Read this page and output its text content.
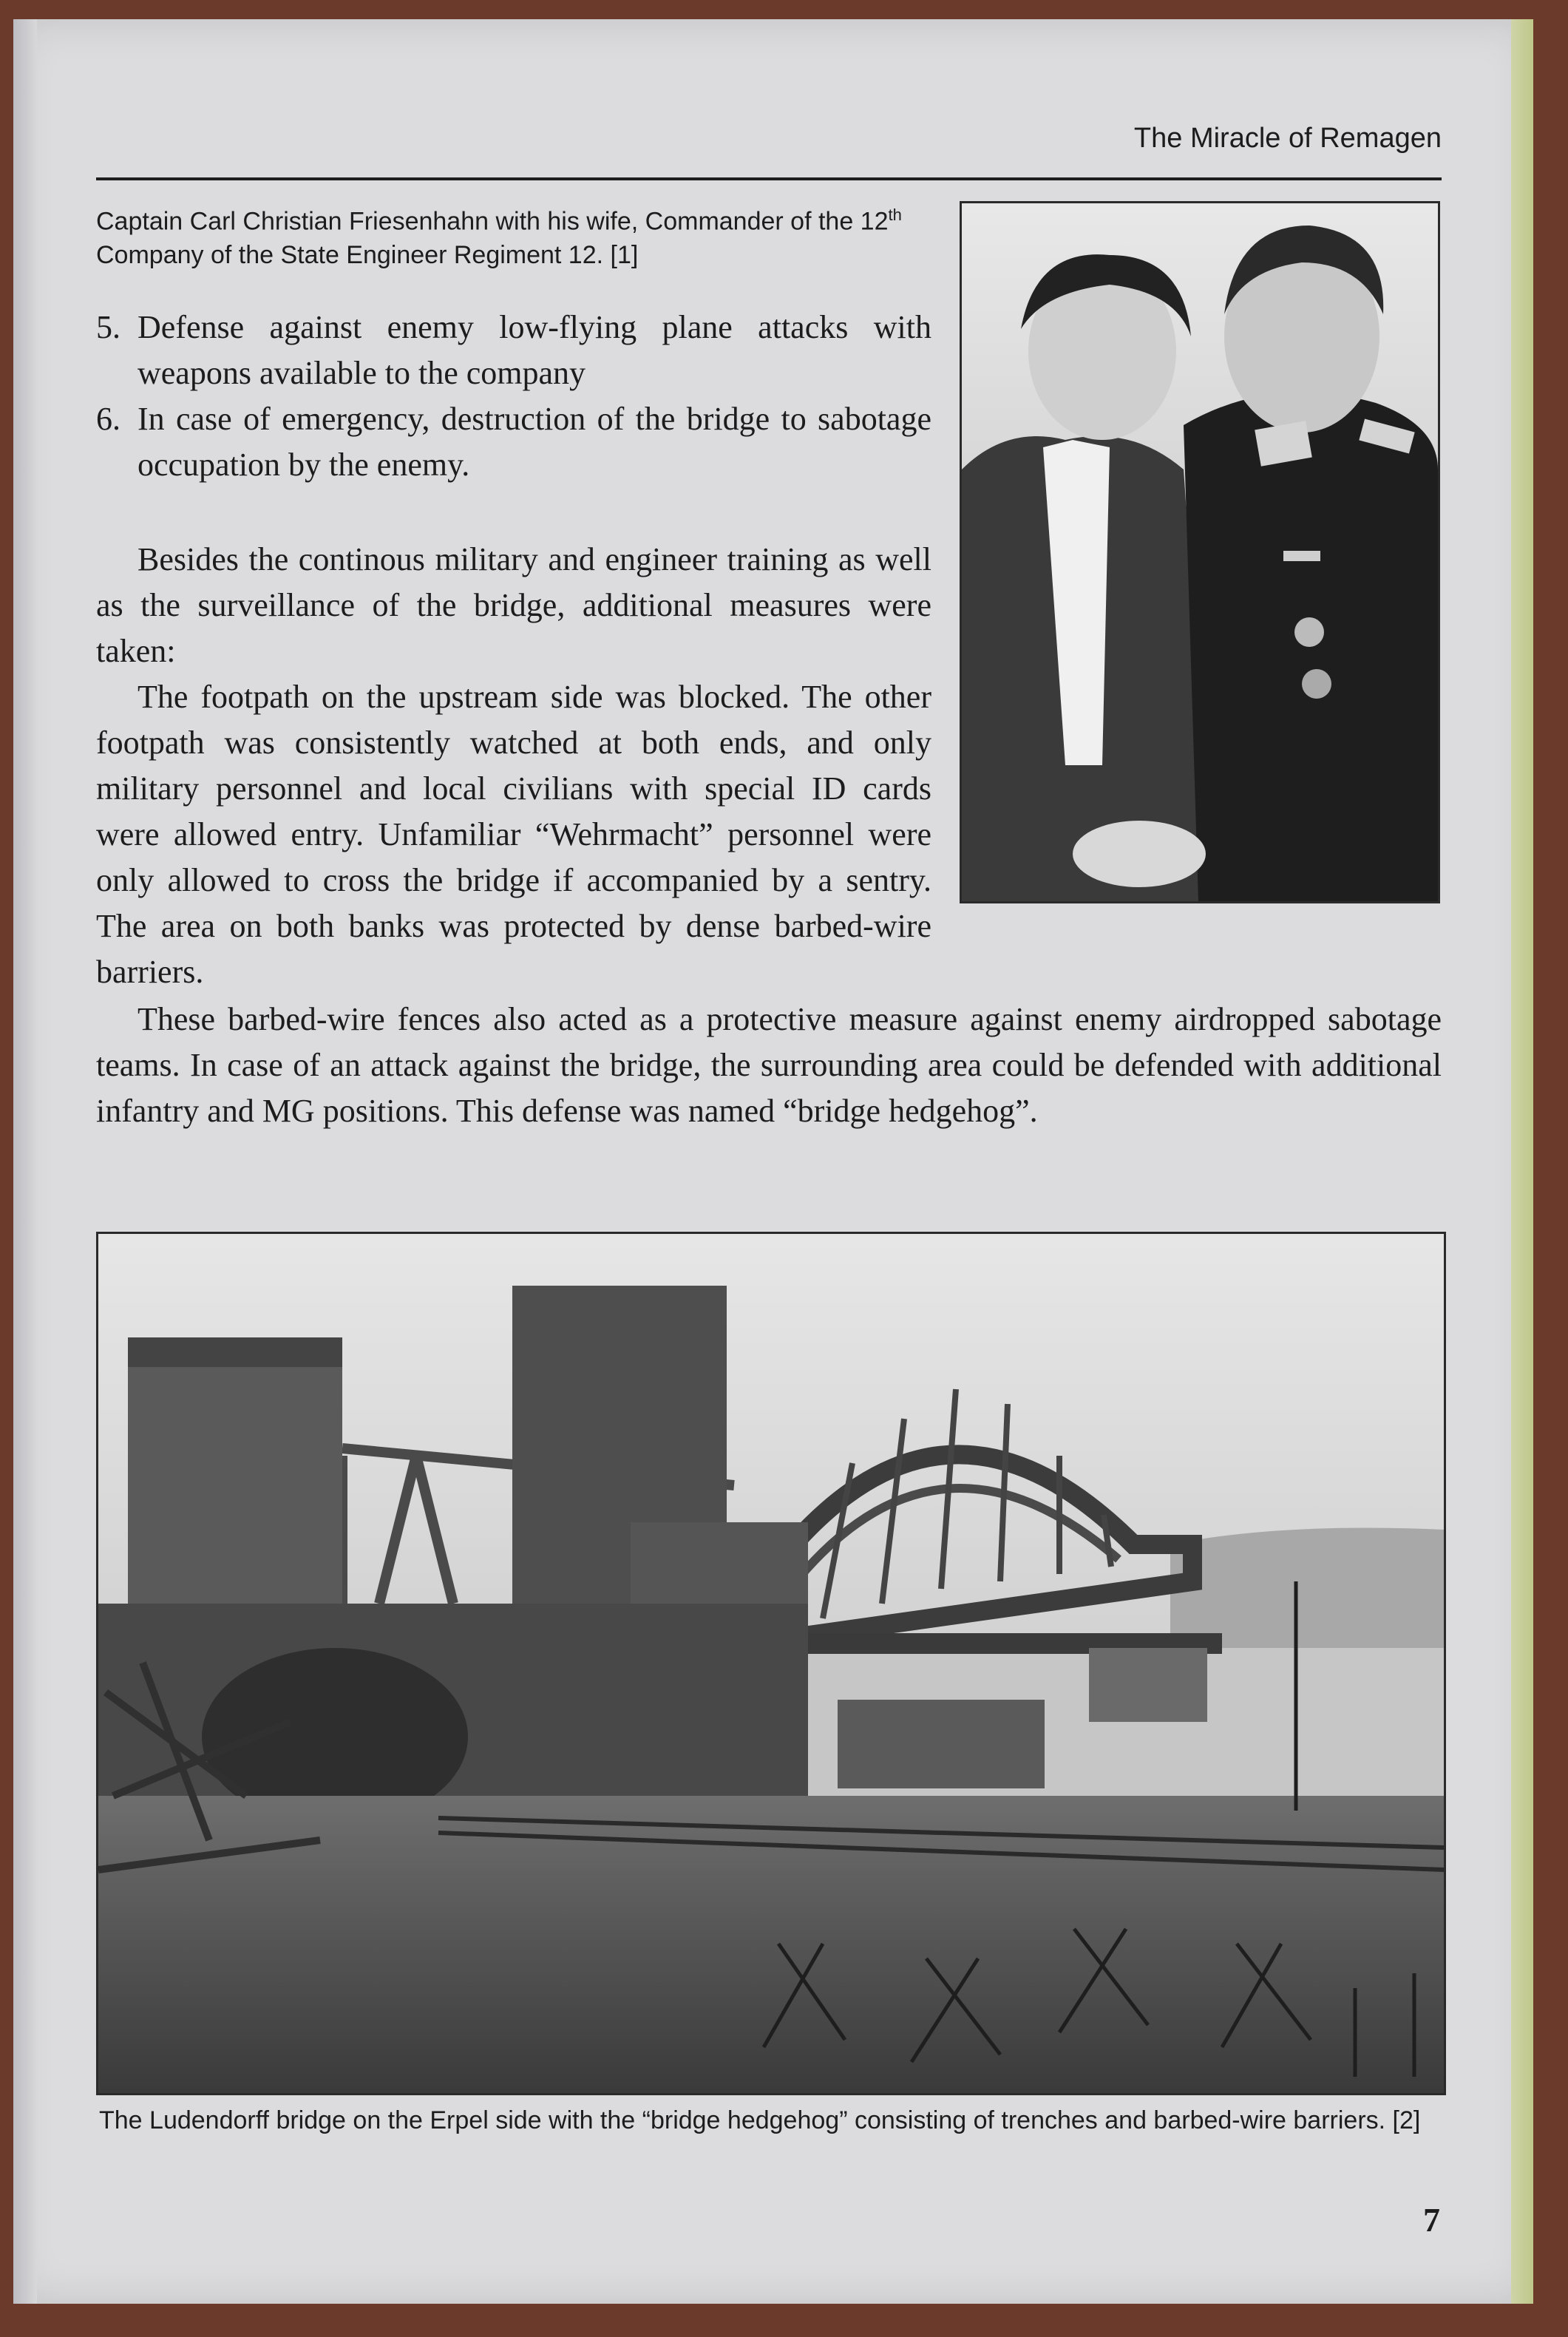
The Miracle of Remagen
Captain Carl Christian Friesenhahn with his wife, Commander of the 12th Company of the State Engineer Regiment 12. [1]
5. Defense against enemy low-flying plane attacks with weapons available to the company
6. In case of emergency, destruction of the bridge to sabotage occupation by the enemy.
Besides the continous military and engineer training as well as the surveillance of the bridge, additional measures were taken:
The footpath on the upstream side was blocked. The other footpath was consistently watched at both ends, and only military personnel and local civilians with special ID cards were allowed entry. Unfamiliar “Wehrmacht” personnel were only allowed to cross the bridge if accompanied by a sentry. The area on both banks was protected by dense barbed-wire barriers.
These barbed-wire fences also acted as a protective measure against enemy airdropped sabotage teams. In case of an attack against the bridge, the surrounding area could be defended with additional infantry and MG positions. This defense was named “bridge hedgehog”.
The Ludendorff bridge on the Erpel side with the “bridge hedgehog” consisting of trenches and barbed-wire barriers. [2]
7
